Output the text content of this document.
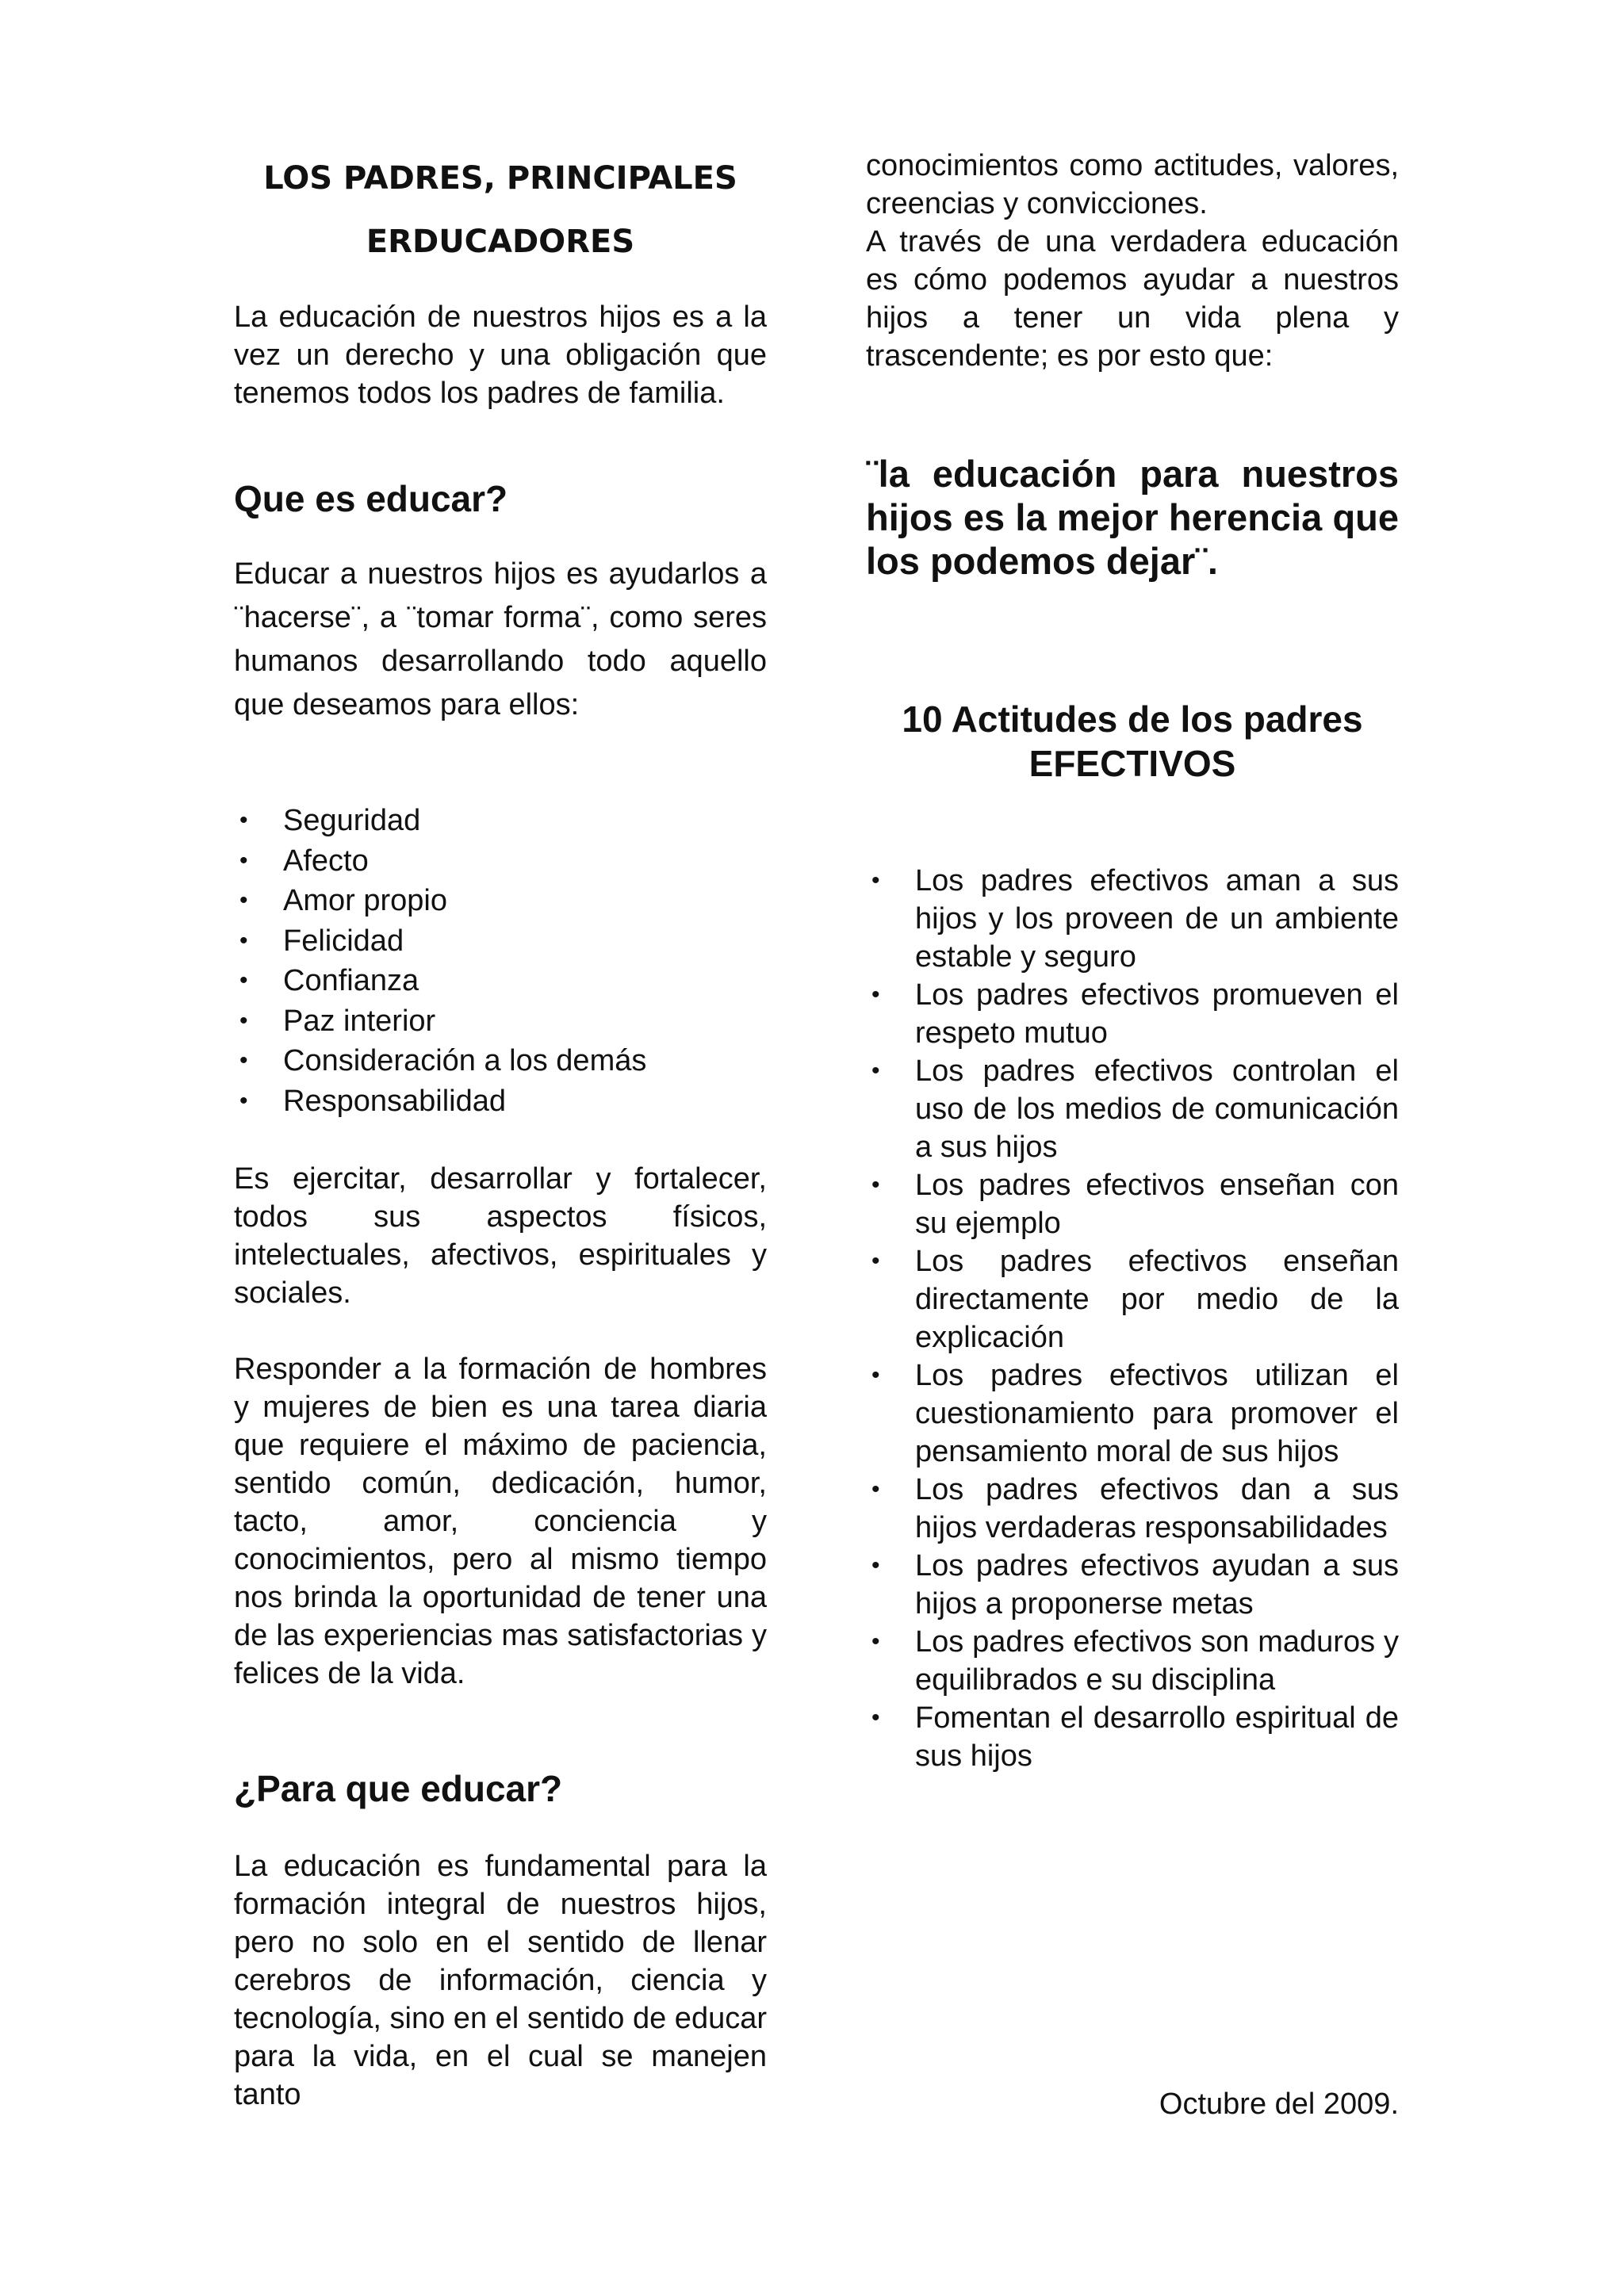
LOS PADRES, PRINCIPALES ERDUCADORES

La educación de nuestros hijos es a la vez un derecho y una obligación que tenemos todos los padres de familia.

Que es educar?

Educar a nuestros hijos es ayudarlos a ¨hacerse¨, a ¨tomar forma¨, como seres humanos desarrollando todo aquello que deseamos para ellos:

• Seguridad
• Afecto
• Amor propio
• Felicidad
• Confianza
• Paz interior
• Consideración a los demás
• Responsabilidad

Es ejercitar, desarrollar y fortalecer, todos sus aspectos físicos, intelectuales, afectivos, espirituales y sociales.

Responder a la formación de hombres y mujeres de bien es una tarea diaria que requiere el máximo de paciencia, sentido común, dedicación, humor, tacto, amor, conciencia y conocimientos, pero al mismo tiempo nos brinda la oportunidad de tener una de las experiencias mas satisfactorias y felices de la vida.

¿Para que educar?

La educación es fundamental para la formación integral de nuestros hijos, pero no solo en el sentido de llenar cerebros de información, ciencia y tecnología, sino en el sentido de educar para la vida, en el cual se manejen tanto

conocimientos como actitudes, valores, creencias y convicciones.

A través de una verdadera educación es cómo podemos ayudar a nuestros hijos a tener un vida plena y trascendente; es por esto que:

¨la educación para nuestros hijos es la mejor herencia que los podemos dejar¨.

10 Actitudes de los padres

EFECTIVOS

• Los padres efectivos aman a sus hijos y los proveen de un ambiente estable y seguro
• Los padres efectivos promueven el respeto mutuo
• Los padres efectivos controlan el uso de los medios de comunicación a sus hijos
• Los padres efectivos enseñan con su ejemplo
• Los padres efectivos enseñan directamente por medio de la explicación
• Los padres efectivos utilizan el cuestionamiento para promover el pensamiento moral de sus hijos
• Los padres efectivos dan a sus hijos verdaderas responsabilidades
• Los padres efectivos ayudan a sus hijos a proponerse metas
• Los padres efectivos son maduros y equilibrados e su disciplina
• Fomentan el desarrollo espiritual de sus hijos

Octubre del 2009.
